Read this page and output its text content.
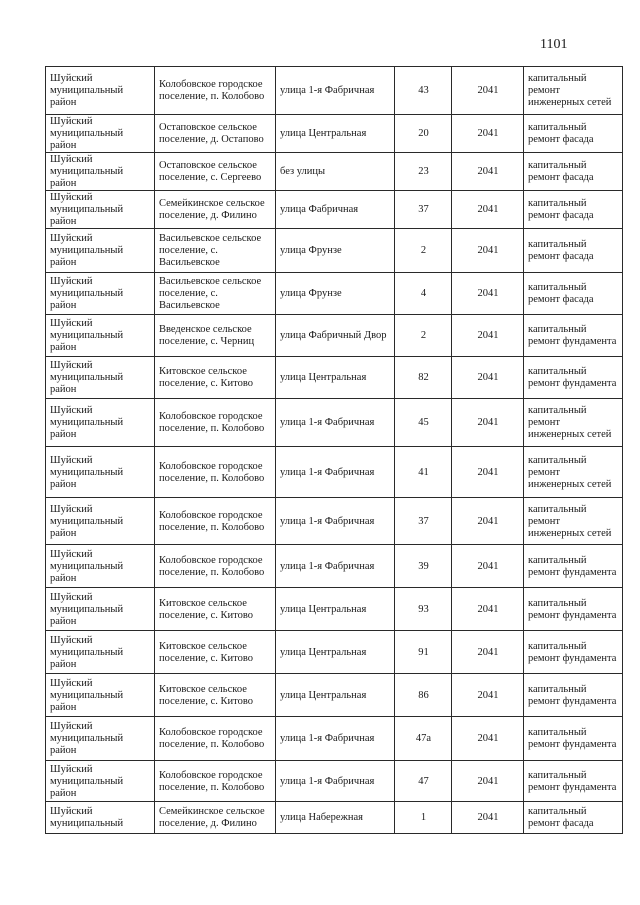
1101
Шуйский муниципальный район	Колобовское городское поселение, п. Колобово	улица 1-я Фабричная	43	2041	капитальный ремонт инженерных сетей
Шуйский муниципальный район	Остаповское сельское поселение, д. Остапово	улица Центральная	20	2041	капитальный ремонт фасада
Шуйский муниципальный район	Остаповское сельское поселение, с. Сергеево	без улицы	23	2041	капитальный ремонт фасада
Шуйский муниципальный район	Семейкинское сельское поселение, д. Филино	улица Фабричная	37	2041	капитальный ремонт фасада
Шуйский муниципальный район	Васильевское сельское поселение, с. Васильевское	улица Фрунзе	2	2041	капитальный ремонт фасада
Шуйский муниципальный район	Васильевское сельское поселение, с. Васильевское	улица Фрунзе	4	2041	капитальный ремонт фасада
Шуйский муниципальный район	Введенское сельское поселение, с. Черниц	улица Фабричный Двор	2	2041	капитальный ремонт фундамента
Шуйский муниципальный район	Китовское сельское поселение, с. Китово	улица Центральная	82	2041	капитальный ремонт фундамента
Шуйский муниципальный район	Колобовское городское поселение, п. Колобово	улица 1-я Фабричная	45	2041	капитальный ремонт инженерных сетей
Шуйский муниципальный район	Колобовское городское поселение, п. Колобово	улица 1-я Фабричная	41	2041	капитальный ремонт инженерных сетей
Шуйский муниципальный район	Колобовское городское поселение, п. Колобово	улица 1-я Фабричная	37	2041	капитальный ремонт инженерных сетей
Шуйский муниципальный район	Колобовское городское поселение, п. Колобово	улица 1-я Фабричная	39	2041	капитальный ремонт фундамента
Шуйский муниципальный район	Китовское сельское поселение, с. Китово	улица Центральная	93	2041	капитальный ремонт фундамента
Шуйский муниципальный район	Китовское сельское поселение, с. Китово	улица Центральная	91	2041	капитальный ремонт фундамента
Шуйский муниципальный район	Китовское сельское поселение, с. Китово	улица Центральная	86	2041	капитальный ремонт фундамента
Шуйский муниципальный район	Колобовское городское поселение, п. Колобово	улица 1-я Фабричная	47а	2041	капитальный ремонт фундамента
Шуйский муниципальный район	Колобовское городское поселение, п. Колобово	улица 1-я Фабричная	47	2041	капитальный ремонт фундамента
Шуйский муниципальный	Семейкинское сельское поселение, д. Филино	улица Набережная	1	2041	капитальный ремонт фасада
